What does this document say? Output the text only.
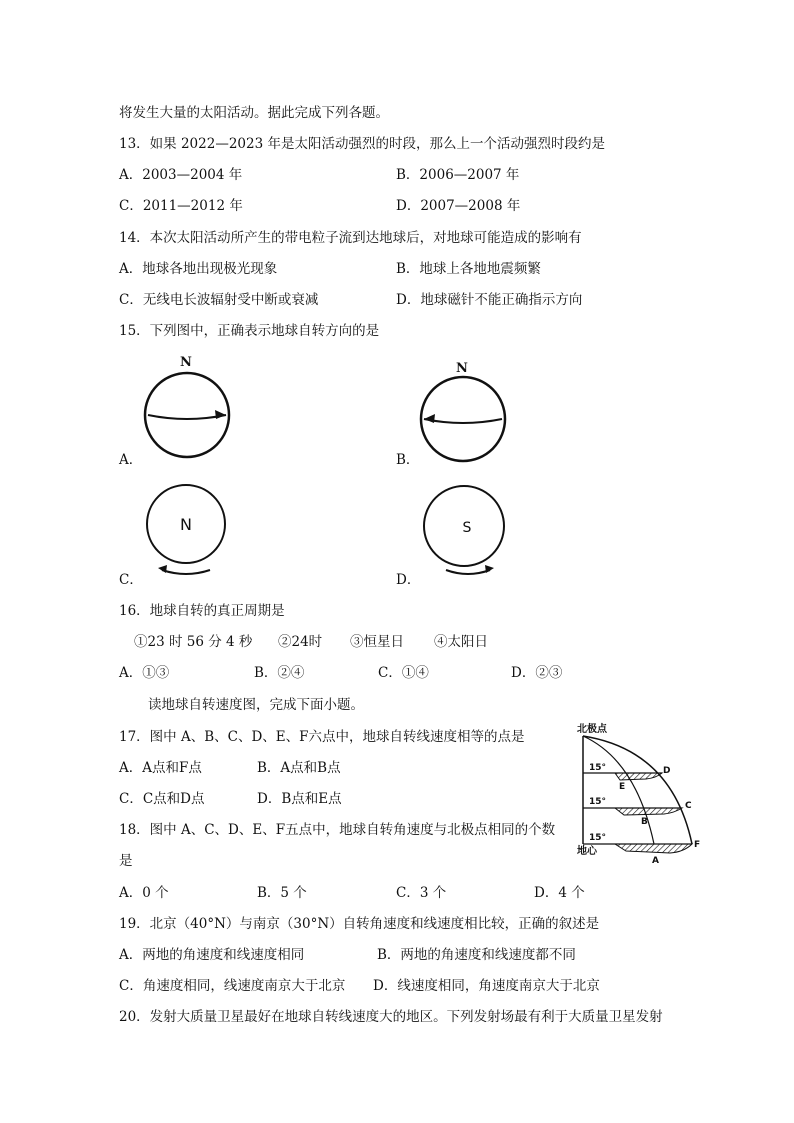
将发生大量的太阳活动。据此完成下列各题。
13．如果 2022—2023 年是太阳活动强烈的时段，那么上一个活动强烈时段约是
A．2003—2004 年	B．2006—2007 年
C．2011—2012 年	D．2007—2008 年
14．本次太阳活动所产生的带电粒子流到达地球后，对地球可能造成的影响有
A．地球各地出现极光现象	B．地球上各地地震频繁
C．无线电长波辐射受中断或衰减	D．地球磁针不能正确指示方向
15．下列图中，正确表示地球自转方向的是
N
A．
N
B．
N
C．
S
D．
16．地球自转的真正周期是
①23 时 56 分 4 秒 ②24时 ③恒星日 ④太阳日
A．①③	B．②④	C．①④	D．②③
读地球自转速度图，完成下面小题。
北极点
地心
15°
15°
15°
D
E
C
B
F
A
17．图中 A、B、C、D、E、F六点中，地球自转线速度相等的点是
A．A点和F点	B．A点和B点
C．C点和D点	D．B点和E点
18．图中 A、C、D、E、F五点中，地球自转角速度与北极点相同的个数
是
A．0 个	B．5 个	C．3 个	D．4 个
19．北京（40°N）与南京（30°N）自转角速度和线速度相比较，正确的叙述是
A．两地的角速度和线速度相同	B．两地的角速度和线速度都不同
C．角速度相同，线速度南京大于北京 D．线速度相同，角速度南京大于北京
20．发射大质量卫星最好在地球自转线速度大的地区。下列发射场最有利于大质量卫星发射
